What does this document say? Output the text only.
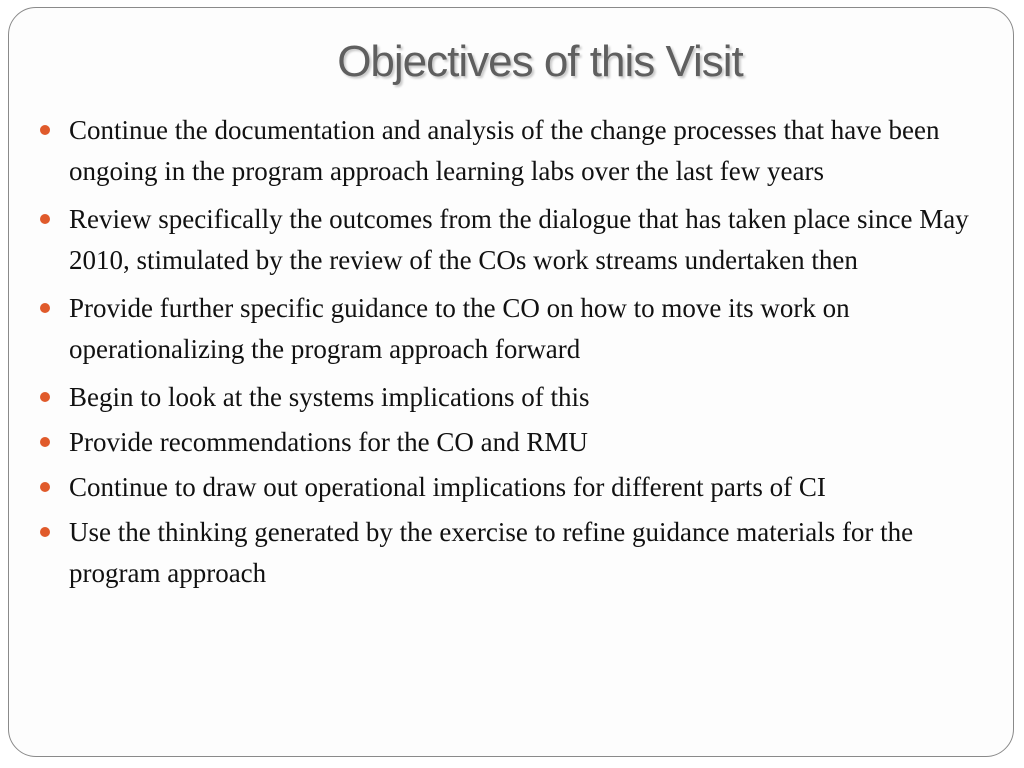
Objectives of this Visit
Continue the documentation and analysis of the change processes that have been ongoing in the program approach learning labs over the last few years
Review specifically the outcomes from the dialogue that has taken place since May 2010, stimulated by the review of the COs work streams undertaken then
Provide further specific guidance to the CO on how to move its work on operationalizing the program approach forward
Begin to look at the systems implications of this
Provide recommendations for the CO and RMU
Continue to draw out operational implications for different parts of CI
Use the thinking generated by the exercise to refine guidance materials for the program approach
